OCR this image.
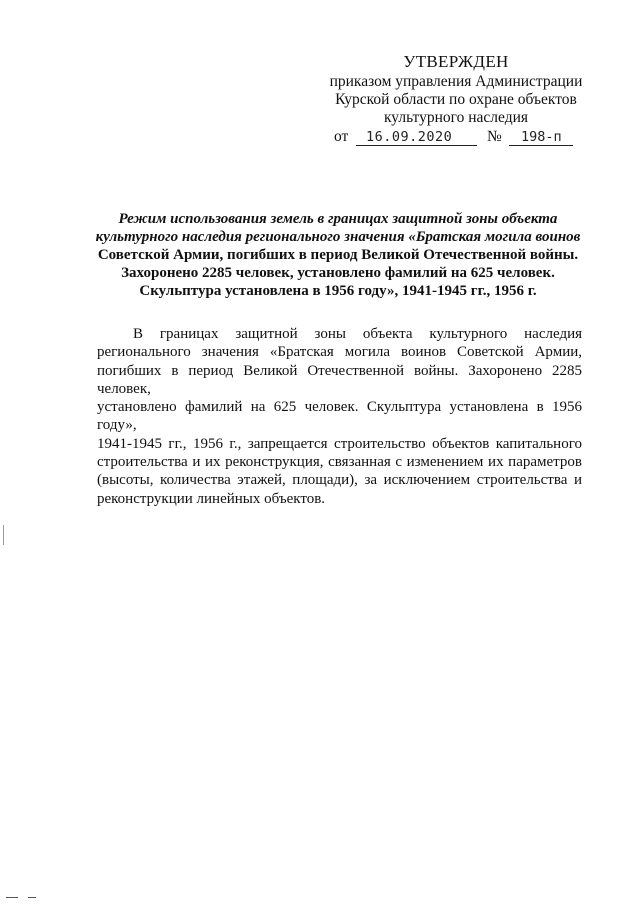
УТВЕРЖДЕН
приказом управления Администрации
Курской области по охране объектов
культурного наследия
от 16.09.2020 № 198-п
Режим использования земель в границах защитной зоны объекта
культурного наследия регионального значения «Братская могила воинов
Советской Армии, погибших в период Великой Отечественной войны.
Захоронено 2285 человек, установлено фамилий на 625 человек.
Скульптура установлена в 1956 году», 1941-1945 гг., 1956 г.
В границах защитной зоны объекта культурного наследия
регионального значения «Братская могила воинов Советской Армии,
погибших в период Великой Отечественной войны. Захоронено 2285 человек,
установлено фамилий на 625 человек. Скульптура установлена в 1956 году»,
1941-1945 гг., 1956 г., запрещается строительство объектов капитального
строительства и их реконструкция, связанная с изменением их параметров
(высоты, количества этажей, площади), за исключением строительства и
реконструкции линейных объектов.
